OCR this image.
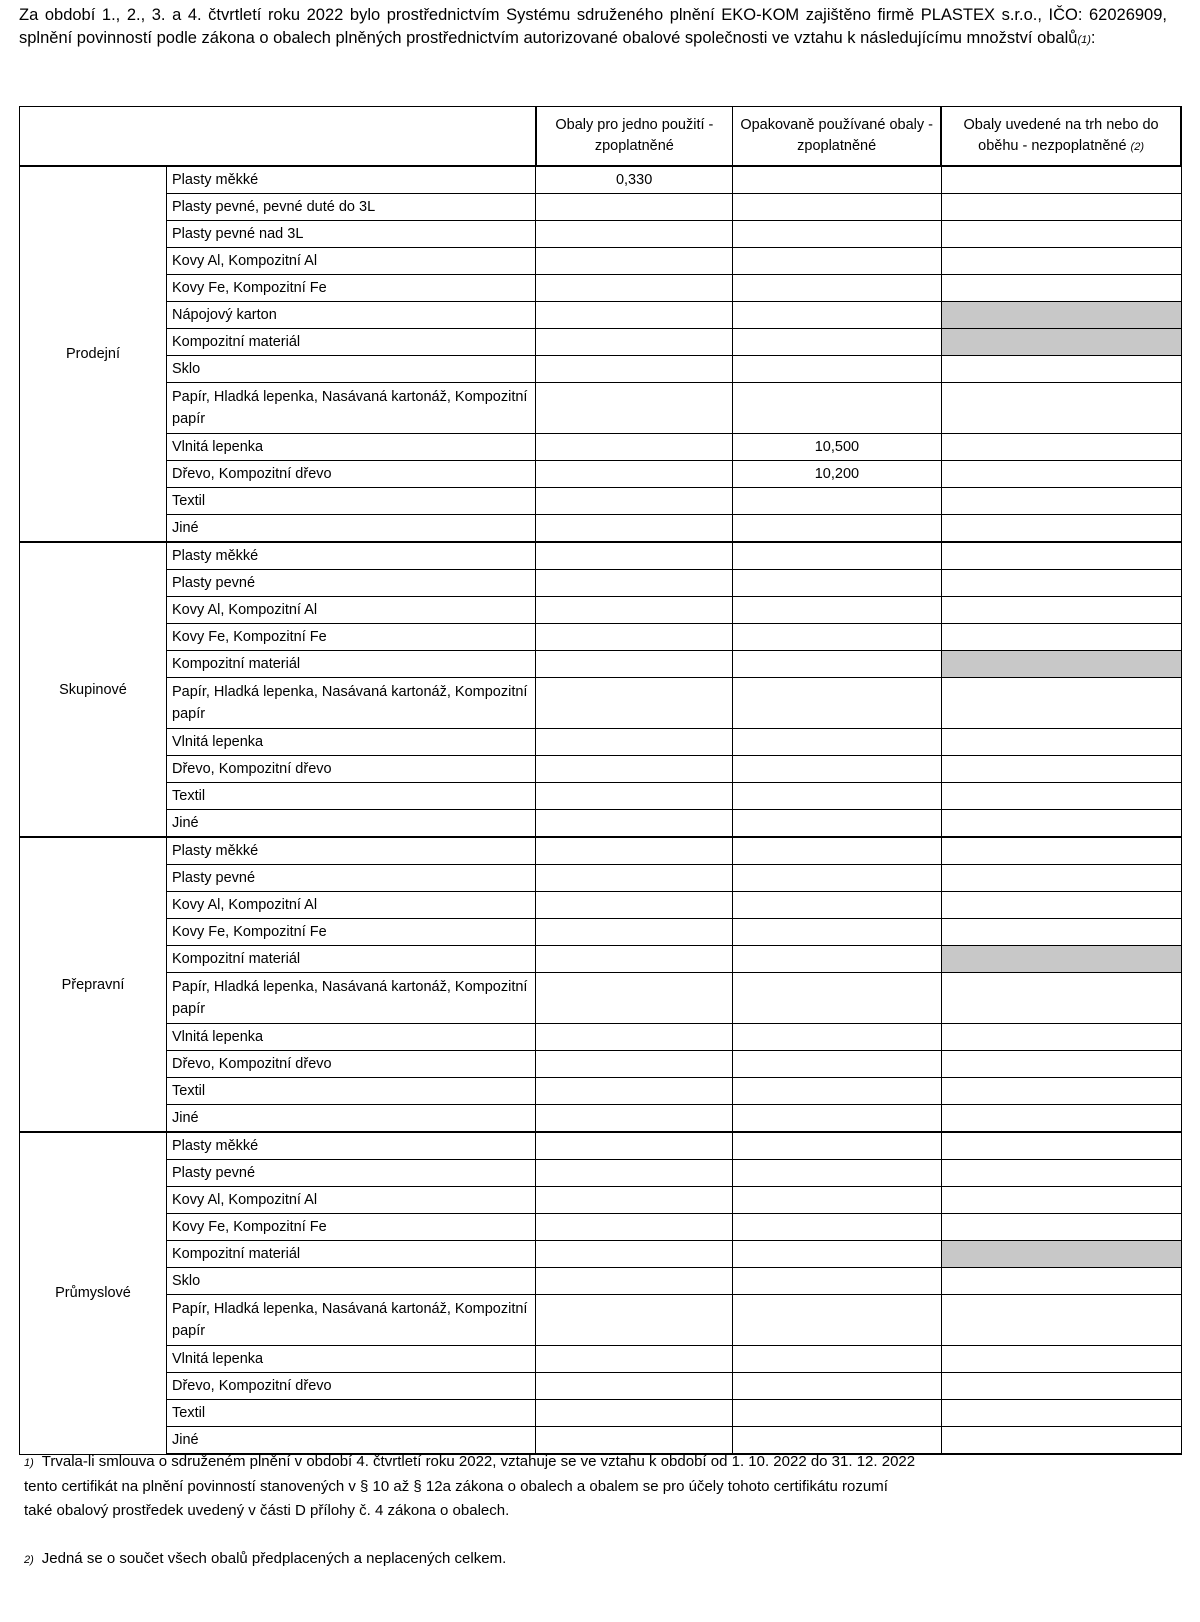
Za období 1., 2., 3. a 4. čtvrtletí roku 2022 bylo prostřednictvím Systému sdruženého plnění EKO-KOM zajištěno firmě PLASTEX s.r.o., IČO: 62026909, splnění povinností podle zákona o obalech plněných prostřednictvím autorizované obalové společnosti ve vztahu k následujícímu množství obalů(1):
		Obaly pro jedno použití - zpoplatněné	Opakovaně používané obaly - zpoplatněné	Obaly uvedené na trh nebo do oběhu - nezpoplatněné (2)
Prodejní	Plasty měkké	0,330		
	Plasty pevné, pevné duté do 3L			
	Plasty pevné nad 3L			
	Kovy Al, Kompozitní Al			
	Kovy Fe, Kompozitní Fe			
	Nápojový karton			
	Kompozitní materiál			
	Sklo			
	Papír, Hladká lepenka, Nasávaná kartonáž, Kompozitní papír			
	Vlnitá lepenka		10,500	
	Dřevo, Kompozitní dřevo		10,200	
	Textil			
	Jiné			
Skupinové	Plasty měkké			
	Plasty pevné			
	Kovy Al, Kompozitní Al			
	Kovy Fe, Kompozitní Fe			
	Kompozitní materiál			
	Papír, Hladká lepenka, Nasávaná kartonáž, Kompozitní papír			
	Vlnitá lepenka			
	Dřevo, Kompozitní dřevo			
	Textil			
	Jiné			
Přepravní	Plasty měkké			
	Plasty pevné			
	Kovy Al, Kompozitní Al			
	Kovy Fe, Kompozitní Fe			
	Kompozitní materiál			
	Papír, Hladká lepenka, Nasávaná kartonáž, Kompozitní papír			
	Vlnitá lepenka			
	Dřevo, Kompozitní dřevo			
	Textil			
	Jiné			
Průmyslové	Plasty měkké			
	Plasty pevné			
	Kovy Al, Kompozitní Al			
	Kovy Fe, Kompozitní Fe			
	Kompozitní materiál			
	Sklo			
	Papír, Hladká lepenka, Nasávaná kartonáž, Kompozitní papír			
	Vlnitá lepenka			
	Dřevo, Kompozitní dřevo			
	Textil			
	Jiné			
1) Trvala-li smlouva o sdruženém plnění v období 4. čtvrtletí roku 2022, vztahuje se ve vztahu k období od 1. 10. 2022 do 31. 12. 2022
tento certifikát na plnění povinností stanovených v § 10 až § 12a zákona o obalech a obalem se pro účely tohoto certifikátu rozumí
také obalový prostředek uvedený v části D přílohy č. 4 zákona o obalech.
2) Jedná se o součet všech obalů předplacených a neplacených celkem.
